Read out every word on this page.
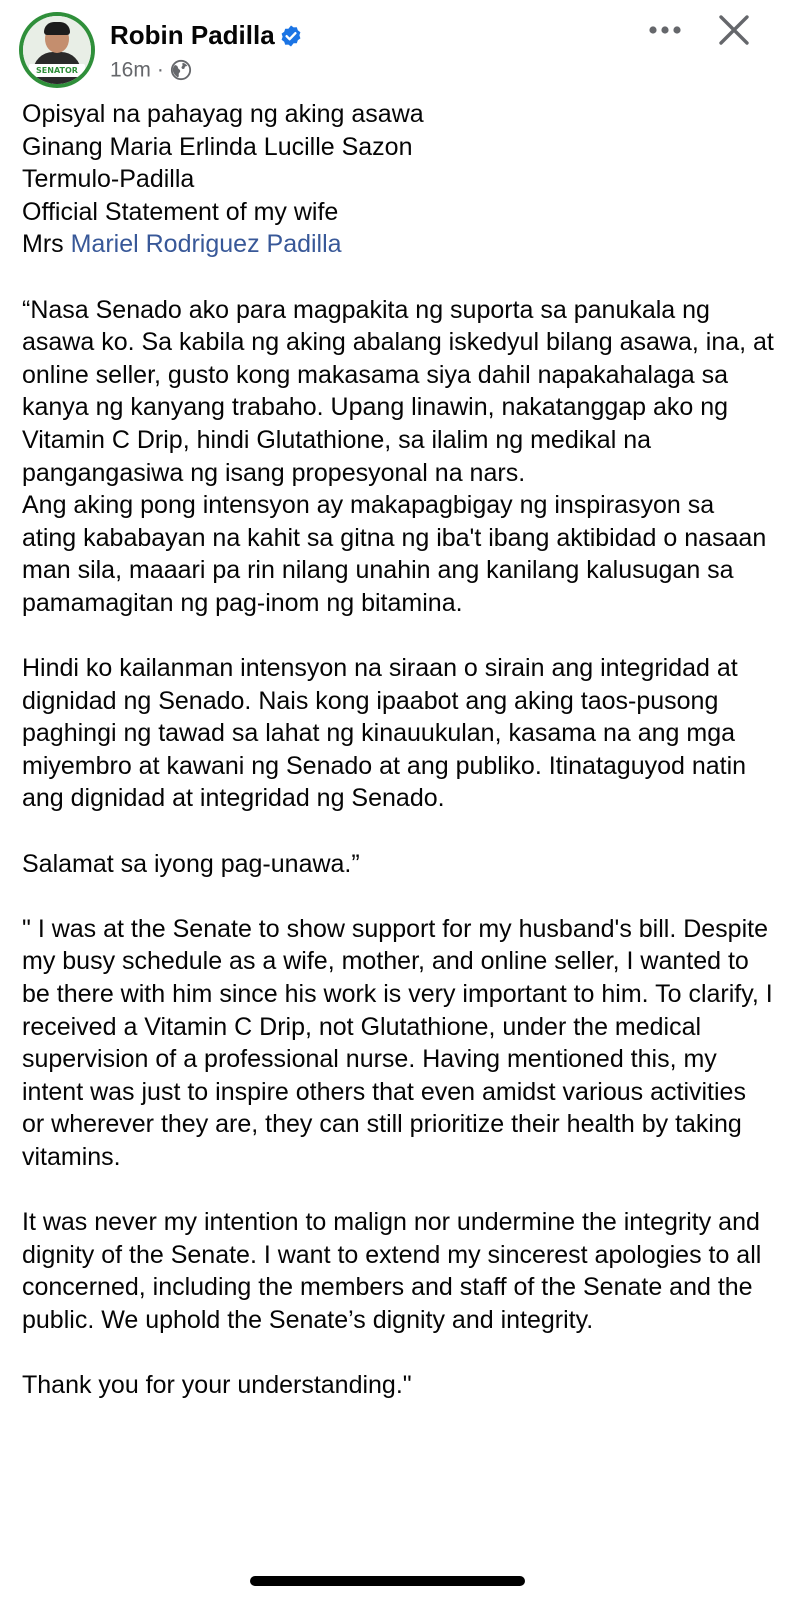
SENATOR
Robin Padilla
16m ·

Opisyal na pahayag ng aking asawa

Ginang Maria Erlinda Lucille Sazon

Termulo-Padilla

Official Statement of my wife

Mrs Mariel Rodriguez Padilla

“Nasa Senado ako para magpakita ng suporta sa panukala ng asawa ko. Sa kabila ng aking abalang iskedyul bilang asawa, ina, at online seller, gusto kong makasama siya dahil napakahalaga sa kanya ng kanyang trabaho. Upang linawin, nakatanggap ako ng Vitamin C Drip, hindi Glutathione, sa ilalim ng medikal na pangangasiwa ng isang propesyonal na nars.

Ang aking pong intensyon ay makapagbigay ng inspirasyon sa ating kababayan na kahit sa gitna ng iba't ibang aktibidad o nasaan man sila, maaari pa rin nilang unahin ang kanilang kalusugan sa pamamagitan ng pag-inom ng bitamina.

Hindi ko kailanman intensyon na siraan o sirain ang integridad at dignidad ng Senado. Nais kong ipaabot ang aking taos-pusong paghingi ng tawad sa lahat ng kinauukulan, kasama na ang mga miyembro at kawani ng Senado at ang publiko. Itinataguyod natin ang dignidad at integridad ng Senado.

Salamat sa iyong pag-unawa.”

" I was at the Senate to show support for my husband's bill. Despite my busy schedule as a wife, mother, and online seller, I wanted to be there with him since his work is very important to him. To clarify, I received a Vitamin C Drip, not Glutathione, under the medical supervision of a professional nurse. Having mentioned this, my intent was just to inspire others that even amidst various activities or wherever they are, they can still prioritize their health by taking vitamins.

It was never my intention to malign nor undermine the integrity and dignity of the Senate. I want to extend my sincerest apologies to all concerned, including the members and staff of the Senate and the public. We uphold the Senate’s dignity and integrity.

Thank you for your understanding."
